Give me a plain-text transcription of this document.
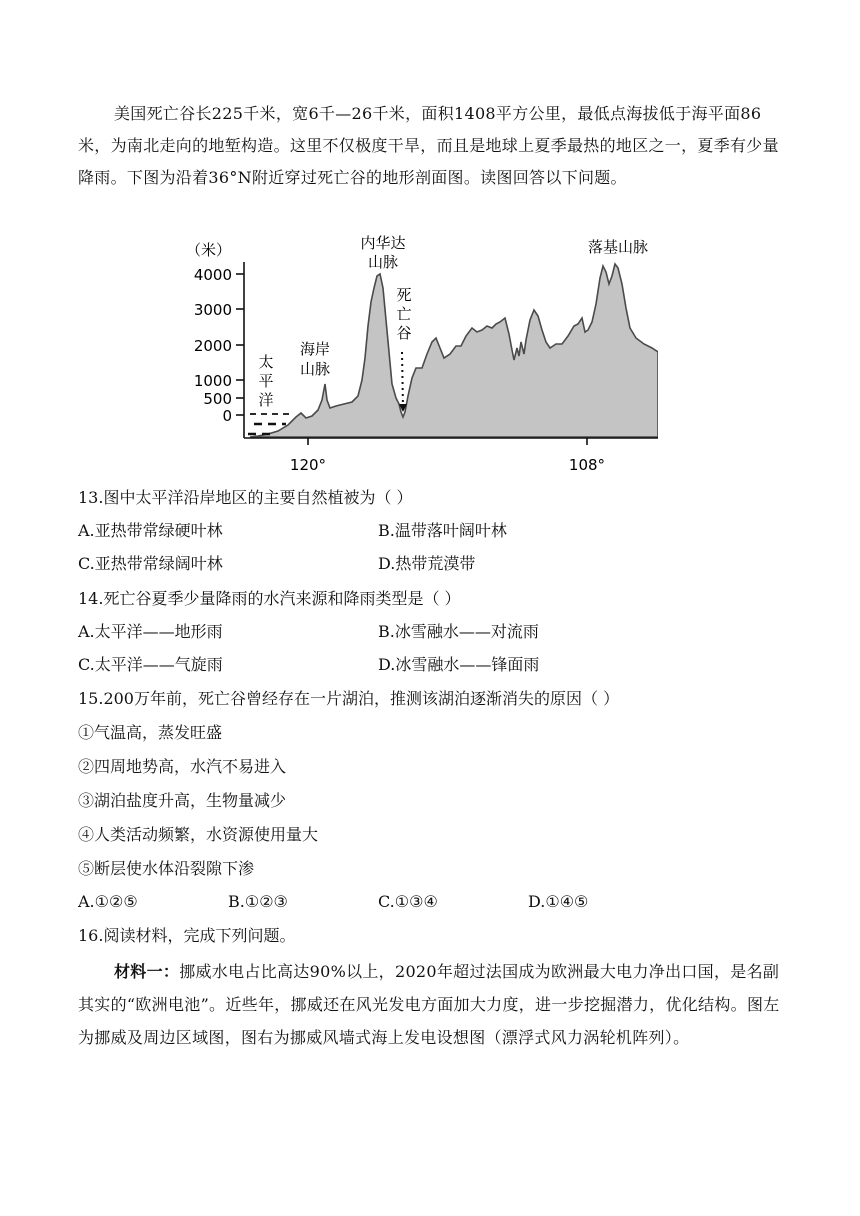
美国死亡谷长225千米，宽6千—26千米，面积1408平方公里，最低点海拔低于海平面86米，为南北走向的地堑构造。这里不仅极度干旱，而且是地球上夏季最热的地区之一，夏季有少量降雨。下图为沿着36°N附近穿过死亡谷的地形剖面图。读图回答以下问题。

（米）
4000
3000
2000
1000
500
0
120°	108°
太平洋
海岸山脉
内华达山脉
死亡谷
落基山脉
13.图中太平洋沿岸地区的主要自然植被为（ ）
A.亚热带常绿硬叶林	B.温带落叶阔叶林
C.亚热带常绿阔叶林	D.热带荒漠带
14.死亡谷夏季少量降雨的水汽来源和降雨类型是（ ）
A.太平洋——地形雨	B.冰雪融水——对流雨
C.太平洋——气旋雨	D.冰雪融水——锋面雨
15.200万年前，死亡谷曾经存在一片湖泊，推测该湖泊逐渐消失的原因（ ）
①气温高，蒸发旺盛
②四周地势高，水汽不易进入
③湖泊盐度升高，生物量减少
④人类活动频繁，水资源使用量大
⑤断层使水体沿裂隙下渗
A.①②⑤	B.①②③	C.①③④	D.①④⑤
16.阅读材料，完成下列问题。

材料一：挪威水电占比高达90%以上，2020年超过法国成为欧洲最大电力净出口国，是名副其实的“欧洲电池”。近些年，挪威还在风光发电方面加大力度，进一步挖掘潜力，优化结构。图左为挪威及周边区域图，图右为挪威风墙式海上发电设想图（漂浮式风力涡轮机阵列）。
